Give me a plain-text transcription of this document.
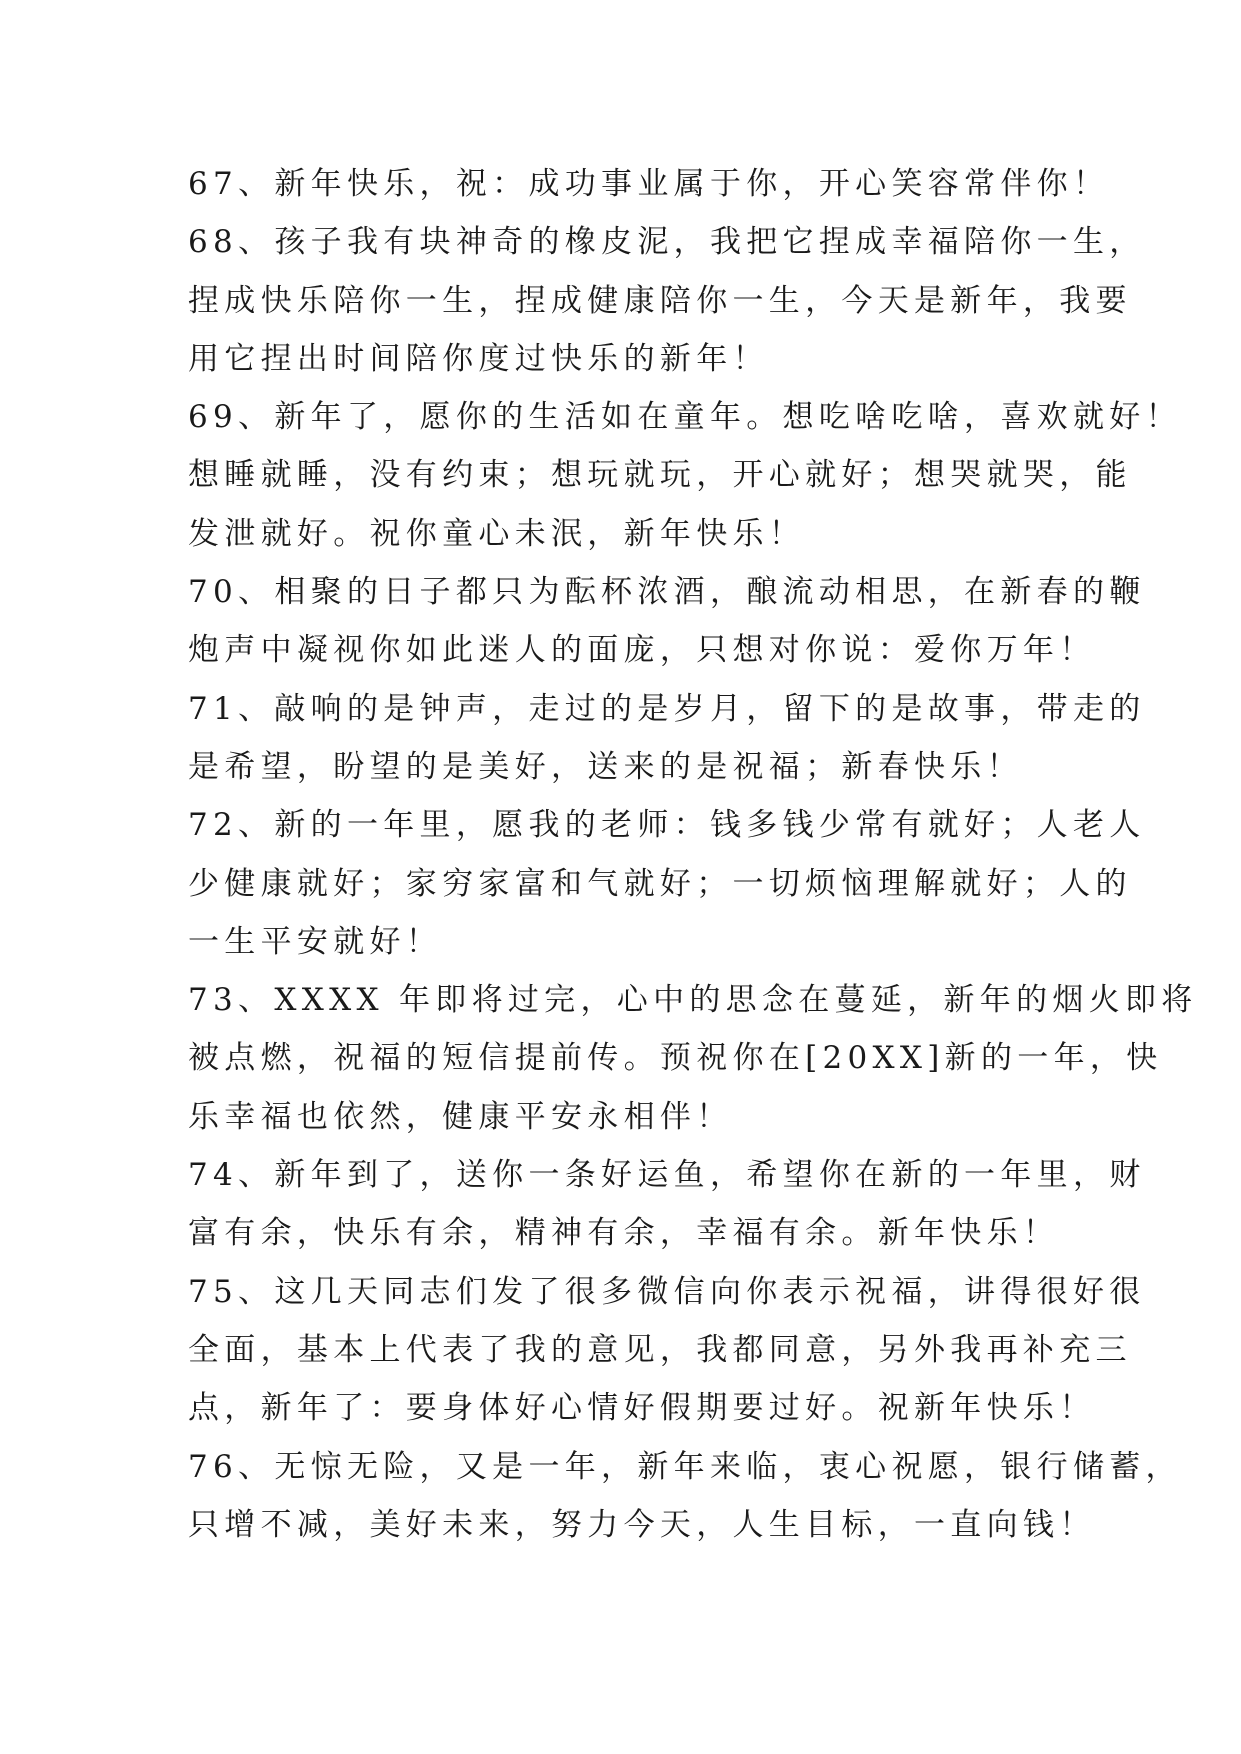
67、新年快乐，祝：成功事业属于你，开心笑容常伴你！
68、孩子我有块神奇的橡皮泥，我把它捏成幸福陪你一生，
捏成快乐陪你一生，捏成健康陪你一生，今天是新年，我要
用它捏出时间陪你度过快乐的新年！
69、新年了，愿你的生活如在童年。想吃啥吃啥，喜欢就好！
想睡就睡，没有约束；想玩就玩，开心就好；想哭就哭，能
发泄就好。祝你童心未泯，新年快乐！
70、相聚的日子都只为酝杯浓酒，酿流动相思，在新春的鞭
炮声中凝视你如此迷人的面庞，只想对你说：爱你万年！
71、敲响的是钟声，走过的是岁月，留下的是故事，带走的
是希望，盼望的是美好，送来的是祝福；新春快乐！
72、新的一年里，愿我的老师：钱多钱少常有就好；人老人
少健康就好；家穷家富和气就好；一切烦恼理解就好；人的
一生平安就好！
73、XXXX 年即将过完，心中的思念在蔓延，新年的烟火即将
被点燃，祝福的短信提前传。预祝你在[20XX]新的一年，快
乐幸福也依然，健康平安永相伴！
74、新年到了，送你一条好运鱼，希望你在新的一年里，财
富有余，快乐有余，精神有余，幸福有余。新年快乐！
75、这几天同志们发了很多微信向你表示祝福，讲得很好很
全面，基本上代表了我的意见，我都同意，另外我再补充三
点，新年了：要身体好心情好假期要过好。祝新年快乐！
76、无惊无险，又是一年，新年来临，衷心祝愿，银行储蓄，
只增不减，美好未来，努力今天，人生目标，一直向钱！
